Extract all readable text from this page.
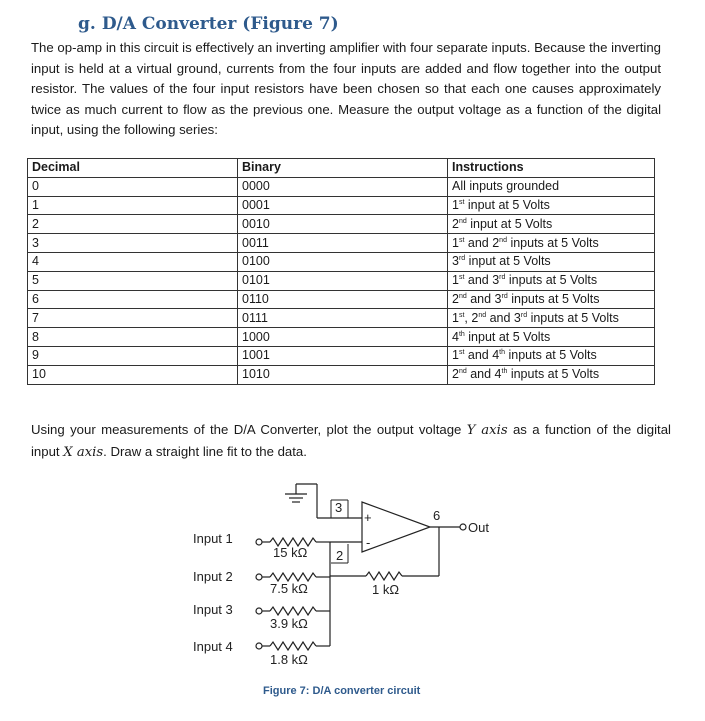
g. D/A Converter (Figure 7)

The op-amp in this circuit is effectively an inverting amplifier with four separate inputs. Because the inverting input is held at a virtual ground, currents from the four inputs are added and flow together into the output resistor. The values of the four input resistors have been chosen so that each one causes approximately twice as much current to flow as the previous one. Measure the output voltage as a function of the digital input, using the following series:

Decimal	Binary	Instructions
0	0000	All inputs grounded
1	0001	1st input at 5 Volts
2	0010	2nd input at 5 Volts
3	0011	1st and 2nd inputs at 5 Volts
4	0100	3rd input at 5 Volts
5	0101	1st and 3rd inputs at 5 Volts
6	0110	2nd and 3rd inputs at 5 Volts
7	0111	1st, 2nd and 3rd inputs at 5 Volts
8	1000	4th input at 5 Volts
9	1001	1st and 4th inputs at 5 Volts
10	1010	2nd and 4th inputs at 5 Volts

Using your measurements of the D/A Converter, plot the output voltage Y axis as a function of the digital input X axis. Draw a straight line fit to the data.

3
2
6
+
-
Out
1 kΩ
Input 1
Input 2
Input 3
Input 4
15 kΩ
7.5 kΩ
3.9 kΩ
1.8 kΩ
Figure 7: D/A converter circuit
